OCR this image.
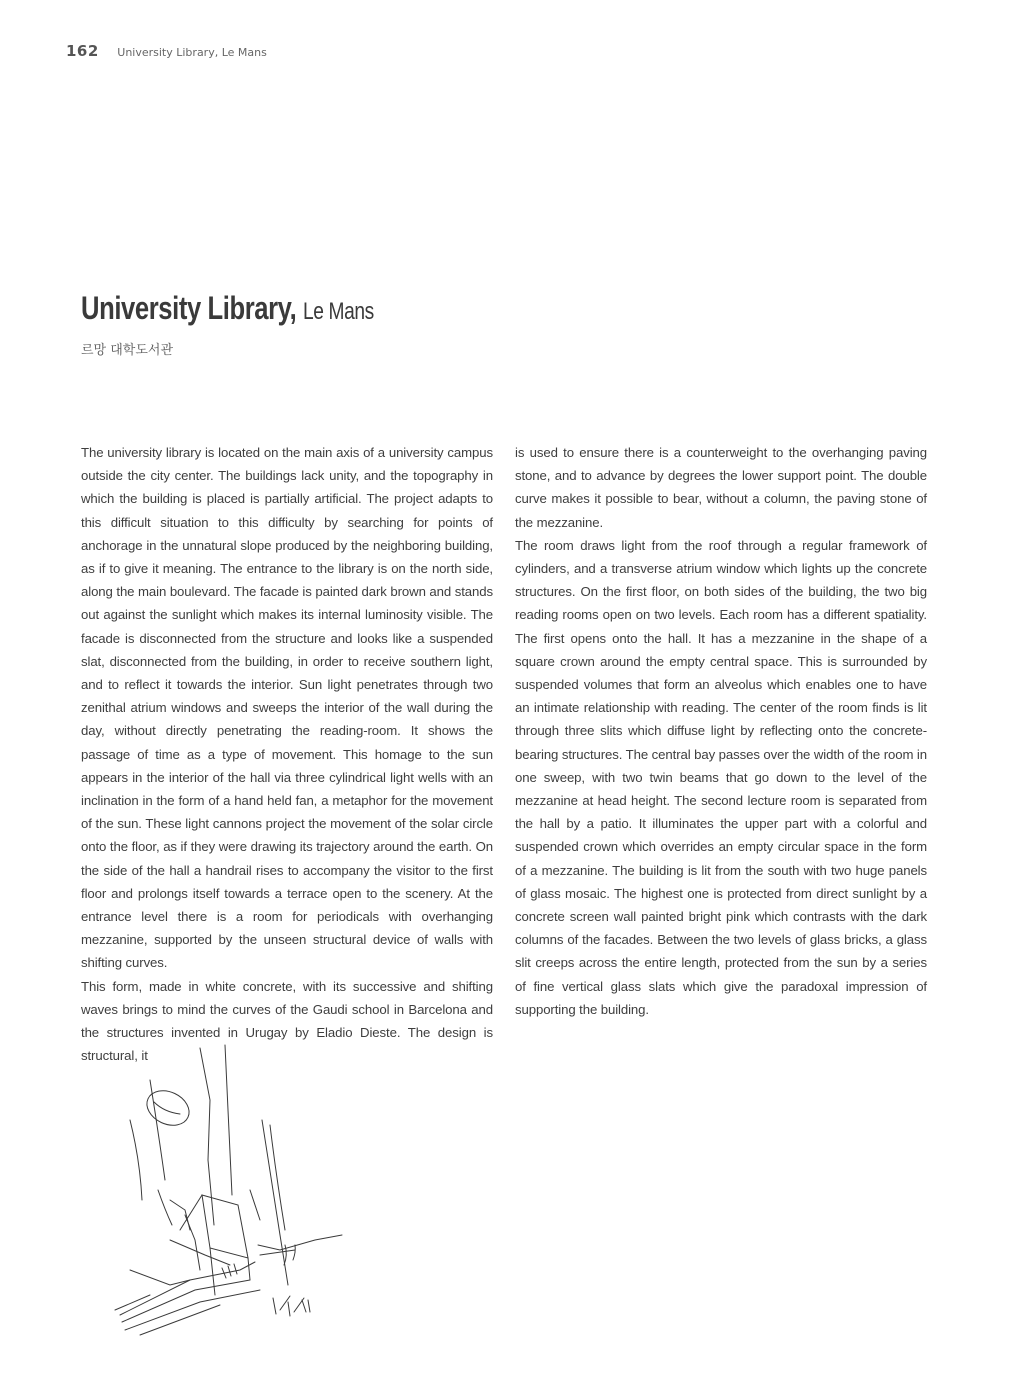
162 University Library, Le Mans
University Library, Le Mans
르망 대학도서관

The university library is located on the main axis of a university campus outside the city center. The buildings lack unity, and the topography in which the building is placed is partially artificial. The project adapts to this difficult situation to this difficulty by searching for points of anchorage in the unnatural slope produced by the neighboring building, as if to give it meaning. The entrance to the library is on the north side, along the main boulevard. The facade is painted dark brown and stands out against the sunlight which makes its internal luminosity visible. The facade is disconnected from the structure and looks like a suspended slat, disconnected from the building, in order to receive southern light, and to reflect it towards the interior. Sun light penetrates through two zenithal atrium windows and sweeps the interior of the wall during the day, without directly penetrating the reading-room. It shows the passage of time as a type of movement. This homage to the sun appears in the interior of the hall via three cylindrical light wells with an inclination in the form of a hand held fan, a metaphor for the movement of the sun. These light cannons project the movement of the solar circle onto the floor, as if they were drawing its trajectory around the earth. On the side of the hall a handrail rises to accompany the visitor to the first floor and prolongs itself towards a terrace open to the scenery. At the entrance level there is a room for periodicals with overhanging mezzanine, supported by the unseen structural device of walls with shifting curves.

This form, made in white concrete, with its successive and shifting waves brings to mind the curves of the Gaudi school in Barcelona and the structures invented in Urugay by Eladio Dieste. The design is structural, it

is used to ensure there is a counterweight to the overhanging paving stone, and to advance by degrees the lower support point. The double curve makes it possible to bear, without a column, the paving stone of the mezzanine.

The room draws light from the roof through a regular framework of cylinders, and a transverse atrium window which lights up the concrete structures. On the first floor, on both sides of the building, the two big reading rooms open on two levels. Each room has a different spatiality. The first opens onto the hall. It has a mezzanine in the shape of a square crown around the empty central space. This is surrounded by suspended volumes that form an alveolus which enables one to have an intimate relationship with reading. The center of the room finds is lit through three slits which diffuse light by reflecting onto the concrete-bearing structures. The central bay passes over the width of the room in one sweep, with two twin beams that go down to the level of the mezzanine at head height. The second lecture room is separated from the hall by a patio. It illuminates the upper part with a colorful and suspended crown which overrides an empty circular space in the form of a mezzanine. The building is lit from the south with two huge panels of glass mosaic. The highest one is protected from direct sunlight by a concrete screen wall painted bright pink which contrasts with the dark columns of the facades. Between the two levels of glass bricks, a glass slit creeps across the entire length, protected from the sun by a series of fine vertical glass slats which give the paradoxal impression of supporting the building.
